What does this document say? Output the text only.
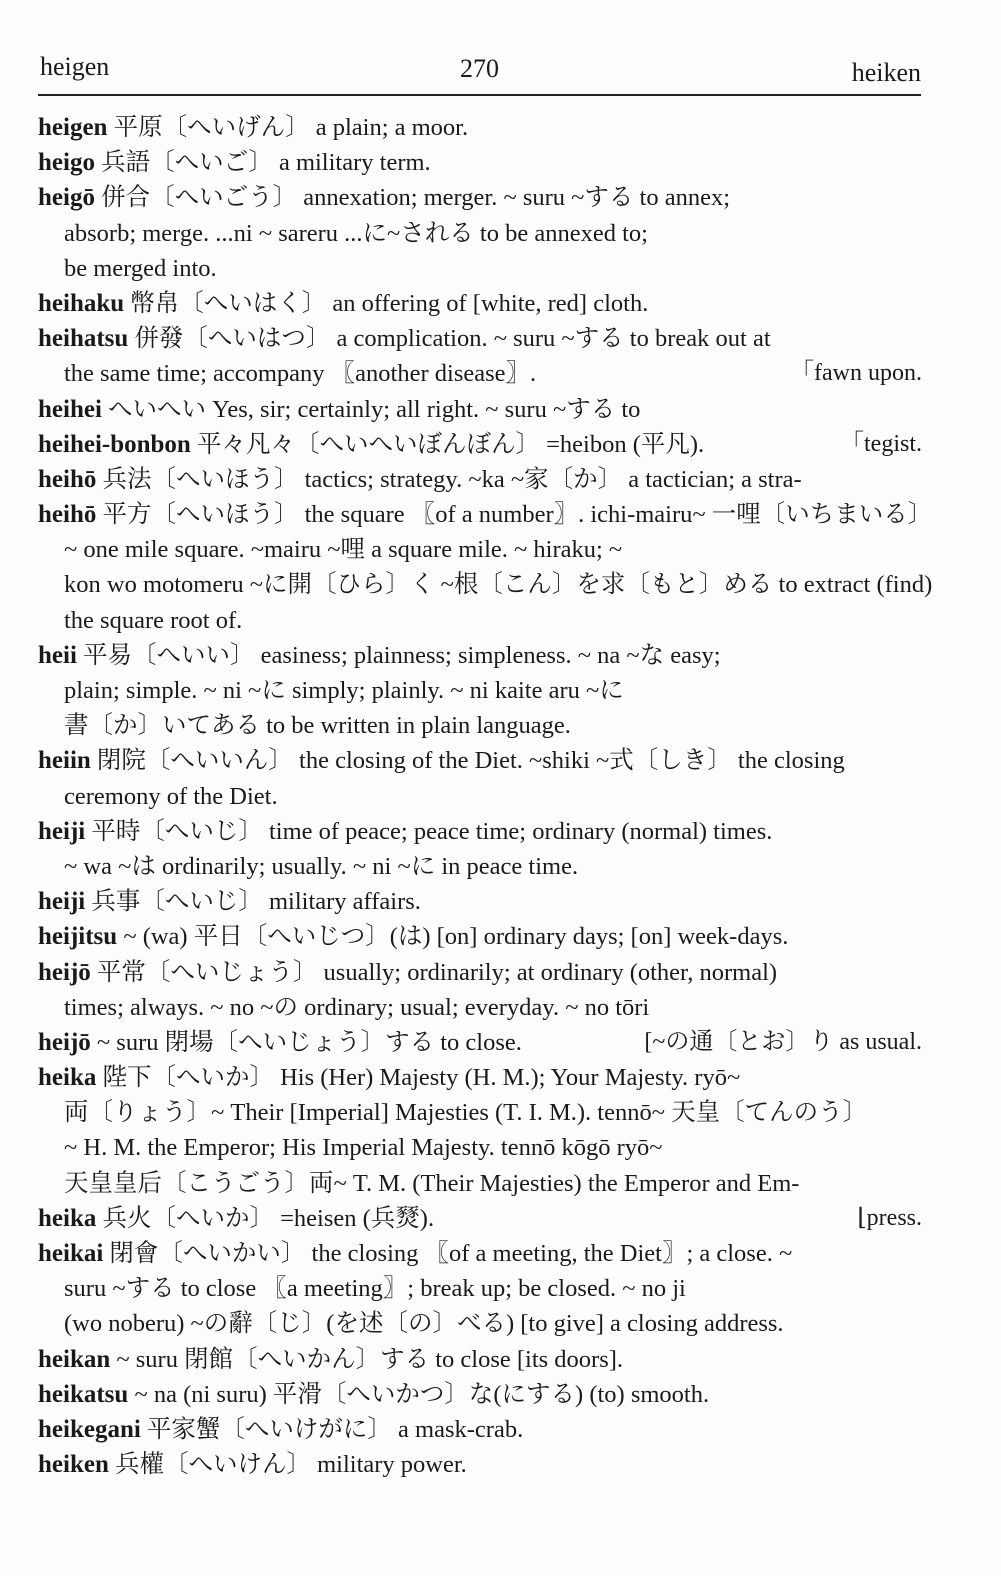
heigen	270	heiken
heigen 平原〔へいげん〕 a plain; a moor.
heigo 兵語〔へいご〕 a military term.
heigō 併合〔へいごう〕 annexation; merger. ~ suru ~する to annex;
absorb; merge. ...ni ~ sareru ...に~される to be annexed to;
be merged into.
heihaku 幣帛〔へいはく〕 an offering of [white, red] cloth.
heihatsu 併發〔へいはつ〕 a complication. ~ suru ~する to break out at
the same time; accompany 〖another disease〗.	「fawn upon.
heihei へいへい Yes, sir; certainly; all right. ~ suru ~する to
heihei-bonbon 平々凡々〔へいへいぼんぼん〕 =heibon (平凡).	「tegist.
heihō 兵法〔へいほう〕 tactics; strategy. ~ka ~家〔か〕 a tactician; a stra-
heihō 平方〔へいほう〕 the square 〖of a number〗. ichi-mairu~ 一哩〔いちまいる〕
~ one mile square. ~mairu ~哩 a square mile. ~ hiraku; ~
kon wo motomeru ~に開〔ひら〕く ~根〔こん〕を求〔もと〕める to extract (find)
the square root of.
heii 平易〔へいい〕 easiness; plainness; simpleness. ~ na ~な easy;
plain; simple. ~ ni ~に simply; plainly. ~ ni kaite aru ~に
書〔か〕いてある to be written in plain language.
heiin 閉院〔へいいん〕 the closing of the Diet. ~shiki ~式〔しき〕 the closing
ceremony of the Diet.
heiji 平時〔へいじ〕 time of peace; peace time; ordinary (normal) times.
~ wa ~は ordinarily; usually. ~ ni ~に in peace time.
heiji 兵事〔へいじ〕 military affairs.
heijitsu ~ (wa) 平日〔へいじつ〕(は) [on] ordinary days; [on] week-days.
heijō 平常〔へいじょう〕 usually; ordinarily; at ordinary (other, normal)
times; always. ~ no ~の ordinary; usual; everyday. ~ no tōri
heijō ~ suru 閉場〔へいじょう〕する to close.	[~の通〔とお〕り as usual.
heika 陛下〔へいか〕 His (Her) Majesty (H. M.); Your Majesty. ryō~
両〔りょう〕~ Their [Imperial] Majesties (T. I. M.). tennō~ 天皇〔てんのう〕
~ H. M. the Emperor; His Imperial Majesty. tennō kōgō ryō~
天皇皇后〔こうごう〕両~ T. M. (Their Majesties) the Emperor and Em-
heika 兵火〔へいか〕 =heisen (兵燹).	⌊press.
heikai 閉會〔へいかい〕 the closing 〖of a meeting, the Diet〗; a close. ~
suru ~する to close 〖a meeting〗; break up; be closed. ~ no ji
(wo noberu) ~の辭〔じ〕(を述〔の〕べる) [to give] a closing address.
heikan ~ suru 閉館〔へいかん〕する to close [its doors].
heikatsu ~ na (ni suru) 平滑〔へいかつ〕な(にする) (to) smooth.
heikegani 平家蟹〔へいけがに〕 a mask-crab.
heiken 兵權〔へいけん〕 military power.
